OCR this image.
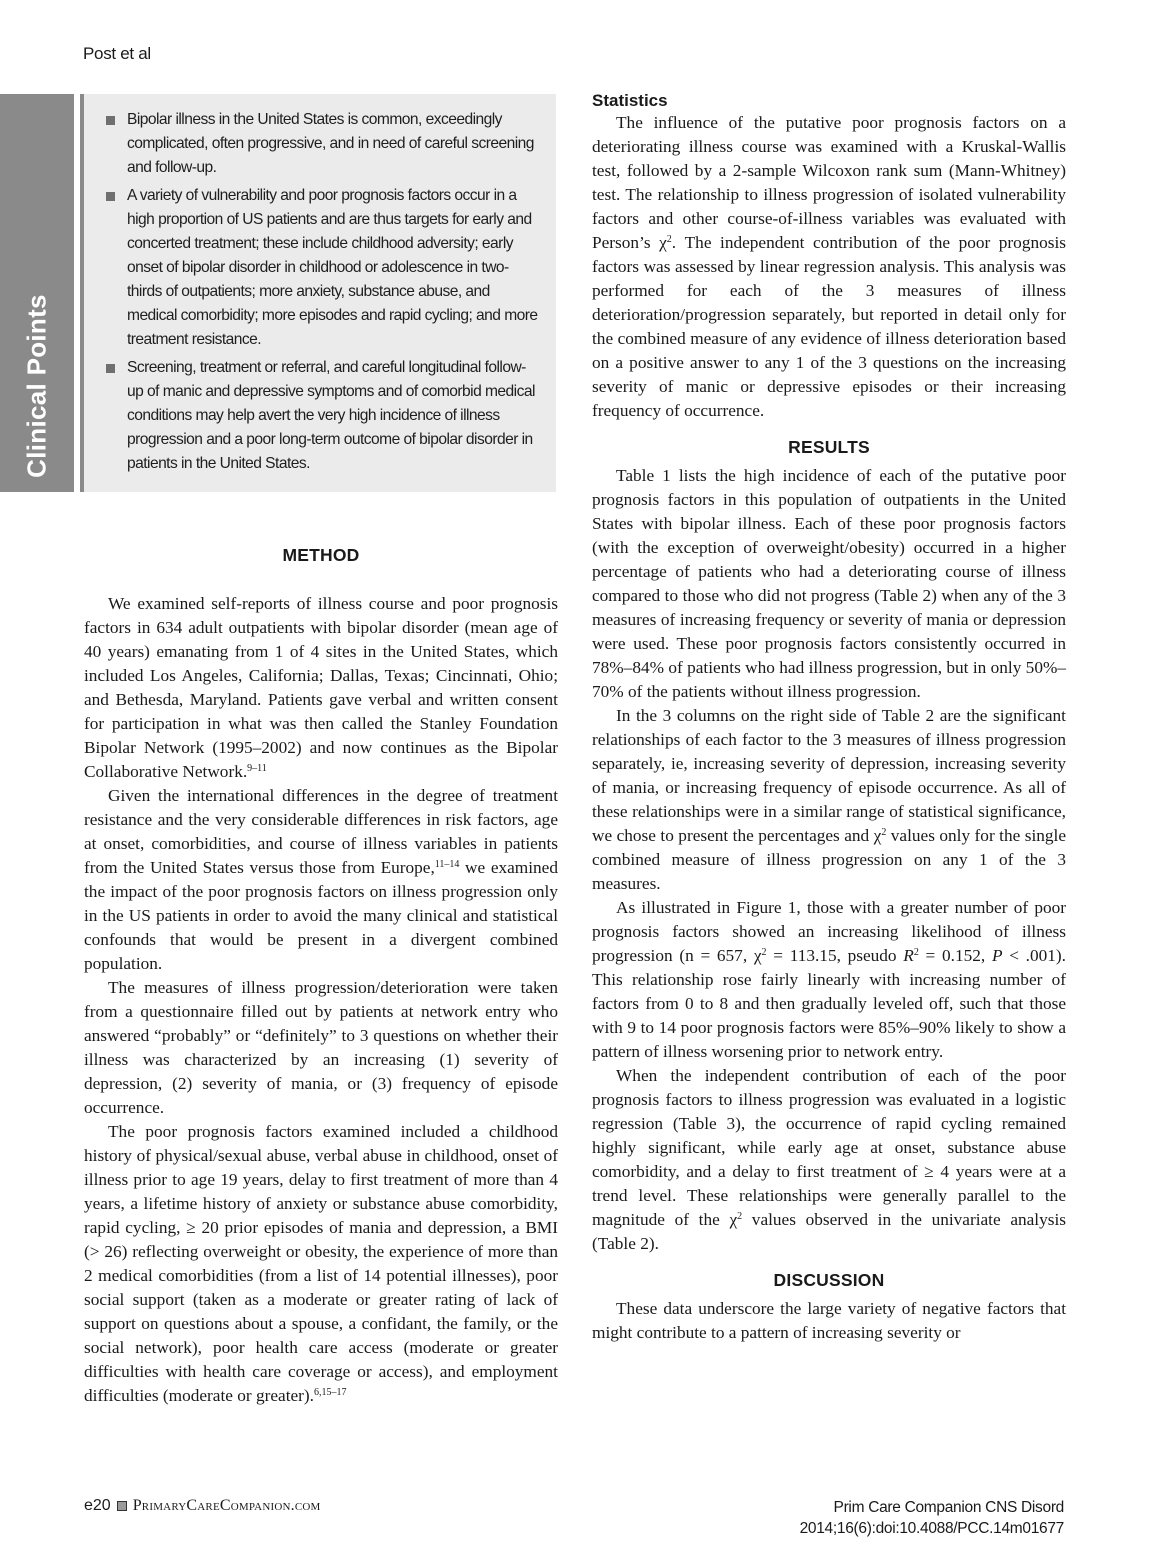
Post et al
Clinical Points
Bipolar illness in the United States is common, exceedingly complicated, often progressive, and in need of careful screening and follow-up.
A variety of vulnerability and poor prognosis factors occur in a high proportion of US patients and are thus targets for early and concerted treatment; these include childhood adversity; early onset of bipolar disorder in childhood or adolescence in two-thirds of outpatients; more anxiety, substance abuse, and medical comorbidity; more episodes and rapid cycling; and more treatment resistance.
Screening, treatment or referral, and careful longitudinal follow-up of manic and depressive symptoms and of comorbid medical conditions may help avert the very high incidence of illness progression and a poor long-term outcome of bipolar disorder in patients in the United States.
METHOD

We examined self-reports of illness course and poor prognosis factors in 634 adult outpatients with bipolar disorder (mean age of 40 years) emanating from 1 of 4 sites in the United States, which included Los Angeles, California; Dallas, Texas; Cincinnati, Ohio; and Bethesda, Maryland. Patients gave verbal and written consent for participation in what was then called the Stanley Foundation Bipolar Network (1995–2002) and now continues as the Bipolar Collaborative Network.$^{9-11}$

Given the international differences in the degree of treatment resistance and the very considerable differences in risk factors, age at onset, comorbidities, and course of illness variables in patients from the United States versus those from Europe,$^{11-14}$ we examined the impact of the poor prognosis factors on illness progression only in the US patients in order to avoid the many clinical and statistical confounds that would be present in a divergent combined population.

The measures of illness progression/deterioration were taken from a questionnaire filled out by patients at network entry who answered “probably” or “definitely” to 3 questions on whether their illness was characterized by an increasing (1) severity of depression, (2) severity of mania, or (3) frequency of episode occurrence.

The poor prognosis factors examined included a childhood history of physical/sexual abuse, verbal abuse in childhood, onset of illness prior to age 19 years, delay to first treatment of more than 4 years, a lifetime history of anxiety or substance abuse comorbidity, rapid cycling, ≥ 20 prior episodes of mania and depression, a BMI (> 26) reflecting overweight or obesity, the experience of more than 2 medical comorbidities (from a list of 14 potential illnesses), poor social support (taken as a moderate or greater rating of lack of support on questions about a spouse, a confidant, the family, or the social network), poor health care access (moderate or greater difficulties with health care coverage or access), and employment difficulties (moderate or greater).$^{6,15-17}$

Statistics

The influence of the putative poor prognosis factors on a deteriorating illness course was examined with a Kruskal-Wallis test, followed by a 2-sample Wilcoxon rank sum (Mann-Whitney) test. The relationship to illness progression of isolated vulnerability factors and other course-of-illness variables was evaluated with Person’s $\chi^2$. The independent contribution of the poor prognosis factors was assessed by linear regression analysis. This analysis was performed for each of the 3 measures of illness deterioration/progression separately, but reported in detail only for the combined measure of any evidence of illness deterioration based on a positive answer to any 1 of the 3 questions on the increasing severity of manic or depressive episodes or their increasing frequency of occurrence.

RESULTS

Table 1 lists the high incidence of each of the putative poor prognosis factors in this population of outpatients in the United States with bipolar illness. Each of these poor prognosis factors (with the exception of overweight/obesity) occurred in a higher percentage of patients who had a deteriorating course of illness compared to those who did not progress (Table 2) when any of the 3 measures of increasing frequency or severity of mania or depression were used. These poor prognosis factors consistently occurred in 78%–84% of patients who had illness progression, but in only 50%–70% of the patients without illness progression.

In the 3 columns on the right side of Table 2 are the significant relationships of each factor to the 3 measures of illness progression separately, ie, increasing severity of depression, increasing severity of mania, or increasing frequency of episode occurrence. As all of these relationships were in a similar range of statistical significance, we chose to present the percentages and $\chi^2$ values only for the single combined measure of illness progression on any 1 of the 3 measures.

As illustrated in Figure 1, those with a greater number of poor prognosis factors showed an increasing likelihood of illness progression (n = 657, $\chi^2 = 113.15$, pseudo $R^2 = 0.152$, P < .001). This relationship rose fairly linearly with increasing number of factors from 0 to 8 and then gradually leveled off, such that those with 9 to 14 poor prognosis factors were 85%–90% likely to show a pattern of illness worsening prior to network entry.

When the independent contribution of each of the poor prognosis factors to illness progression was evaluated in a logistic regression (Table 3), the occurrence of rapid cycling remained highly significant, while early age at onset, substance abuse comorbidity, and a delay to first treatment of ≥ 4 years were at a trend level. These relationships were generally parallel to the magnitude of the $\chi^2$ values observed in the univariate analysis (Table 2).

DISCUSSION

These data underscore the large variety of negative factors that might contribute to a pattern of increasing severity or

e20 PrimaryCareCompanion.com	Prim Care Companion CNS Disord
2014;16(6):doi:10.4088/PCC.14m01677
